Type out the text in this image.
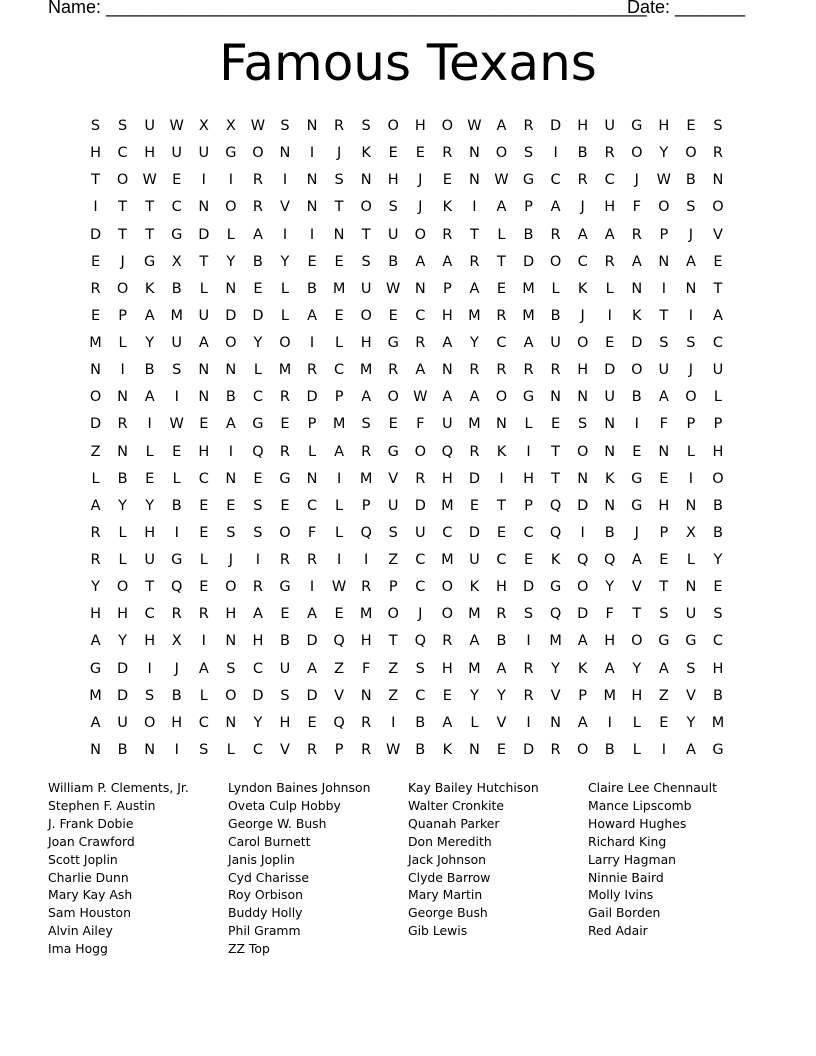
Name: ______________________________________________________
Date: _______
Famous Texans
S	S	U	W	X	X	W	S	N	R	S	O	H	O W	A	R	D	H	U	G	H	E	S
H	C	H	U	U	G	O	N	I	J	K	E	E	R	N	O	S	I	B	R	O	Y	O	R
T	O W	E	I	I	R	I	N	S	N	H	J	E	N W G	C	R	C	J	W	B	N
I	T	T	C	N	O	R	V	N	T	O	S	J	K	I	A	P	A	J	H	F	O	S	O
D	T	T	G	D	L	A	I	I	N	T	U	O	R	T	L	B	R	A	A	R	P	J	V
E	J	G	X	T	Y	B	Y	E	E	S	B	A	A	R	T	D	O	C	R	A	N	A	E
R	O	K	B	L	N	E	L	B	M	U	W N	P	A	E	M	L	K	L	N	I	N	T
E	P	A	M	U	D	D	L	A	E	O	E	C	H	M	R	M	B	J	I	K	T	I	A
M	L	Y	U	A	O	Y	O	I	L	H	G	R	A	Y	C	A	U	O	E	D	S	S	C
N	I	B	S	N	N	L	M	R	C	M	R	A	N	R	R	R	R	H	D	O	U	J	U
O	N	A	I	N	B	C	R	D	P	A	O W	A	A	O	G	N	N	U	B	A	O	L
D	R	I	W	E	A	G	E	P	M	S	E	F	U	M	N	L	E	S	N	I	F	P	P
Z	N	L	E	H	I	Q	R	L	A	R	G	O	Q	R	K	I	T	O	N	E	N	L	H
L	B	E	L	C	N	E	G	N	I	M	V	R	H	D	I	H	T	N	K	G	E	I	O
A	Y	Y	B	E	E	S	E	C	L	P	U	D	M	E	T	P	Q	D	N	G	H	N	B
R	L	H	I	E	S	S	O	F	L	Q	S	U	C	D	E	C	Q	I	B	J	P	X	B
R	L	U	G	L	J	I	R	R	I	I	Z	C	M	U	C	E	K	Q	Q	A	E	L	Y
Y	O	T	Q	E	O	R	G	I	W	R	P	C	O	K	H	D	G	O	Y	V	T	N	E
H	H	C	R	R	H	A	E	A	E	M	O	J	O	M	R	S	Q	D	F	T	S	U	S
A	Y	H	X	I	N	H	B	D	Q	H	T	Q	R	A	B	I	M	A	H	O	G	G	C
G	D	I	J	A	S	C	U	A	Z	F	Z	S	H	M	A	R	Y	K	A	Y	A	S	H
M	D	S	B	L	O	D	S	D	V	N	Z	C	E	Y	Y	R	V	P	M	H	Z	V	B
A	U	O	H	C	N	Y	H	E	Q	R	I	B	A	L	V	I	N	A	I	L	E	Y	M
N	B	N	I	S	L	C	V	R	P	R	W	B	K	N	E	D	R	O	B	L	I	A	G
William P. Clements, Jr.
Stephen F. Austin
J. Frank Dobie
Joan Crawford
Scott Joplin
Charlie Dunn
Mary Kay Ash
Sam Houston
Alvin Ailey
Ima Hogg
Lyndon Baines Johnson
Oveta Culp Hobby
George W. Bush
Carol Burnett
Janis Joplin
Cyd Charisse
Roy Orbison
Buddy Holly
Phil Gramm
ZZ Top
Kay Bailey Hutchison
Walter Cronkite
Quanah Parker
Don Meredith
Jack Johnson
Clyde Barrow
Mary Martin
George Bush
Gib Lewis
Claire Lee Chennault
Mance Lipscomb
Howard Hughes
Richard King
Larry Hagman
Ninnie Baird
Molly Ivins
Gail Borden
Red Adair
